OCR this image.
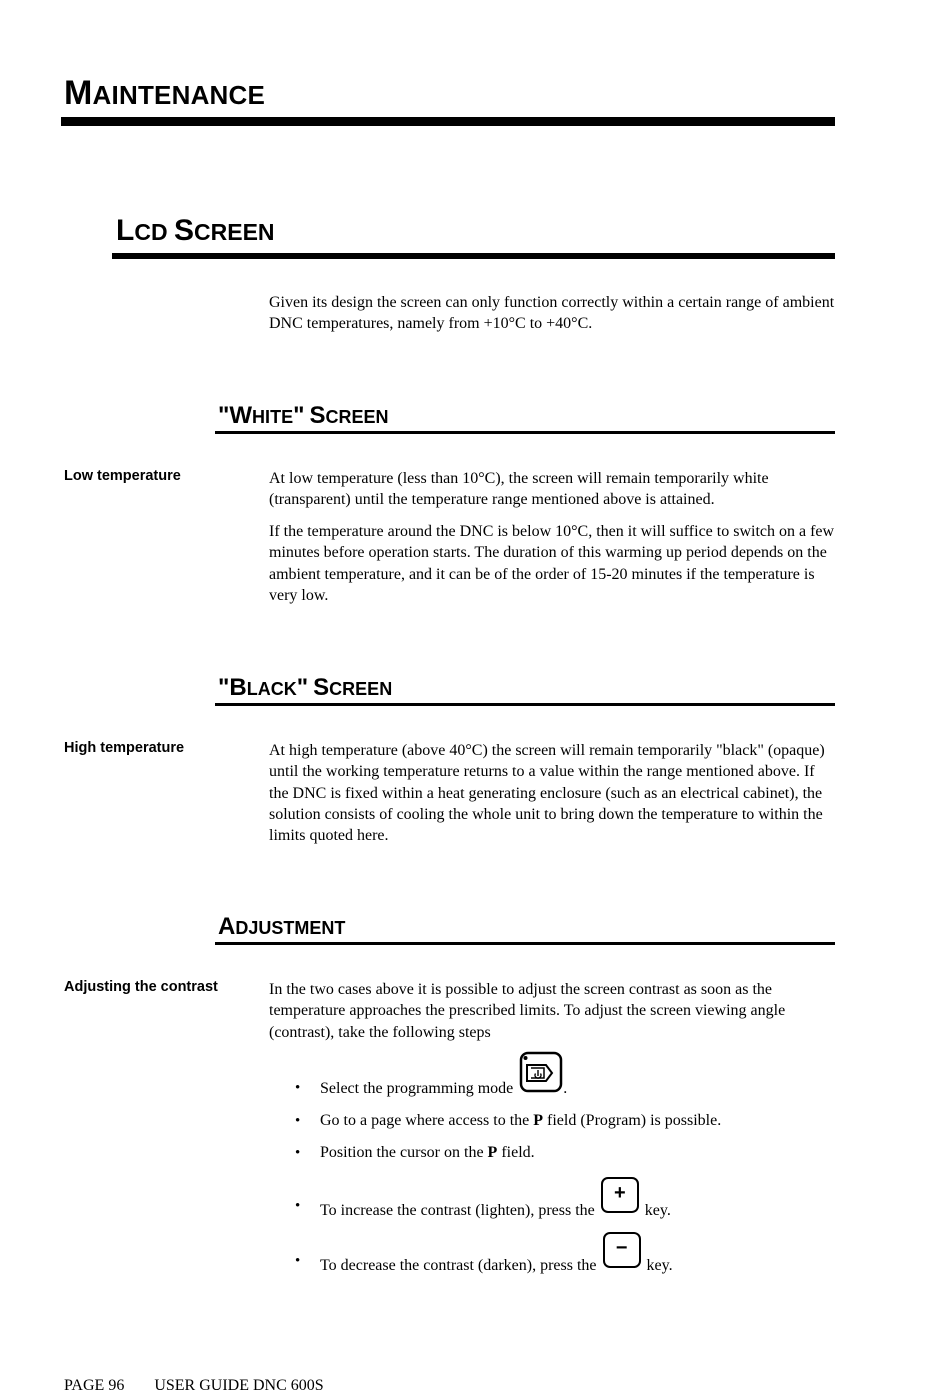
MAINTENANCE
LCD SCREEN
Given its design the screen can only function correctly within a certain range of ambient DNC temperatures, namely from +10°C to +40°C.
"WHITE" SCREEN
Low temperature	At low temperature (less than 10°C), the screen will remain temporarily white (transparent) until the temperature range mentioned above is attained.
If the temperature around the DNC is below 10°C, then it will suffice to switch on a few minutes before operation starts. The duration of this warming up period depends on the ambient temperature, and it can be of the order of 15-20 minutes if the temperature is very low.
"BLACK" SCREEN
High temperature	At high temperature (above 40°C) the screen will remain temporarily "black" (opaque) until the working temperature returns to a value within the range mentioned above. If the DNC is fixed within a heat generating enclosure (such as an electrical cabinet), the solution consists of cooling the whole unit to bring down the temperature to within the limits quoted here.
ADJUSTMENT
Adjusting the contrast	In the two cases above it is possible to adjust the screen contrast as soon as the temperature approaches the prescribed limits. To adjust the screen viewing angle (contrast), take the following steps
• Select the programming mode	.
• Go to a page where access to the P field (Program) is possible.
• Position the cursor on the P field.
• To increase the contrast (lighten), press the
+
key.
• To decrease the contrast (darken), press the
−
key.
PAGE 96 USER GUIDE DNC 600S
